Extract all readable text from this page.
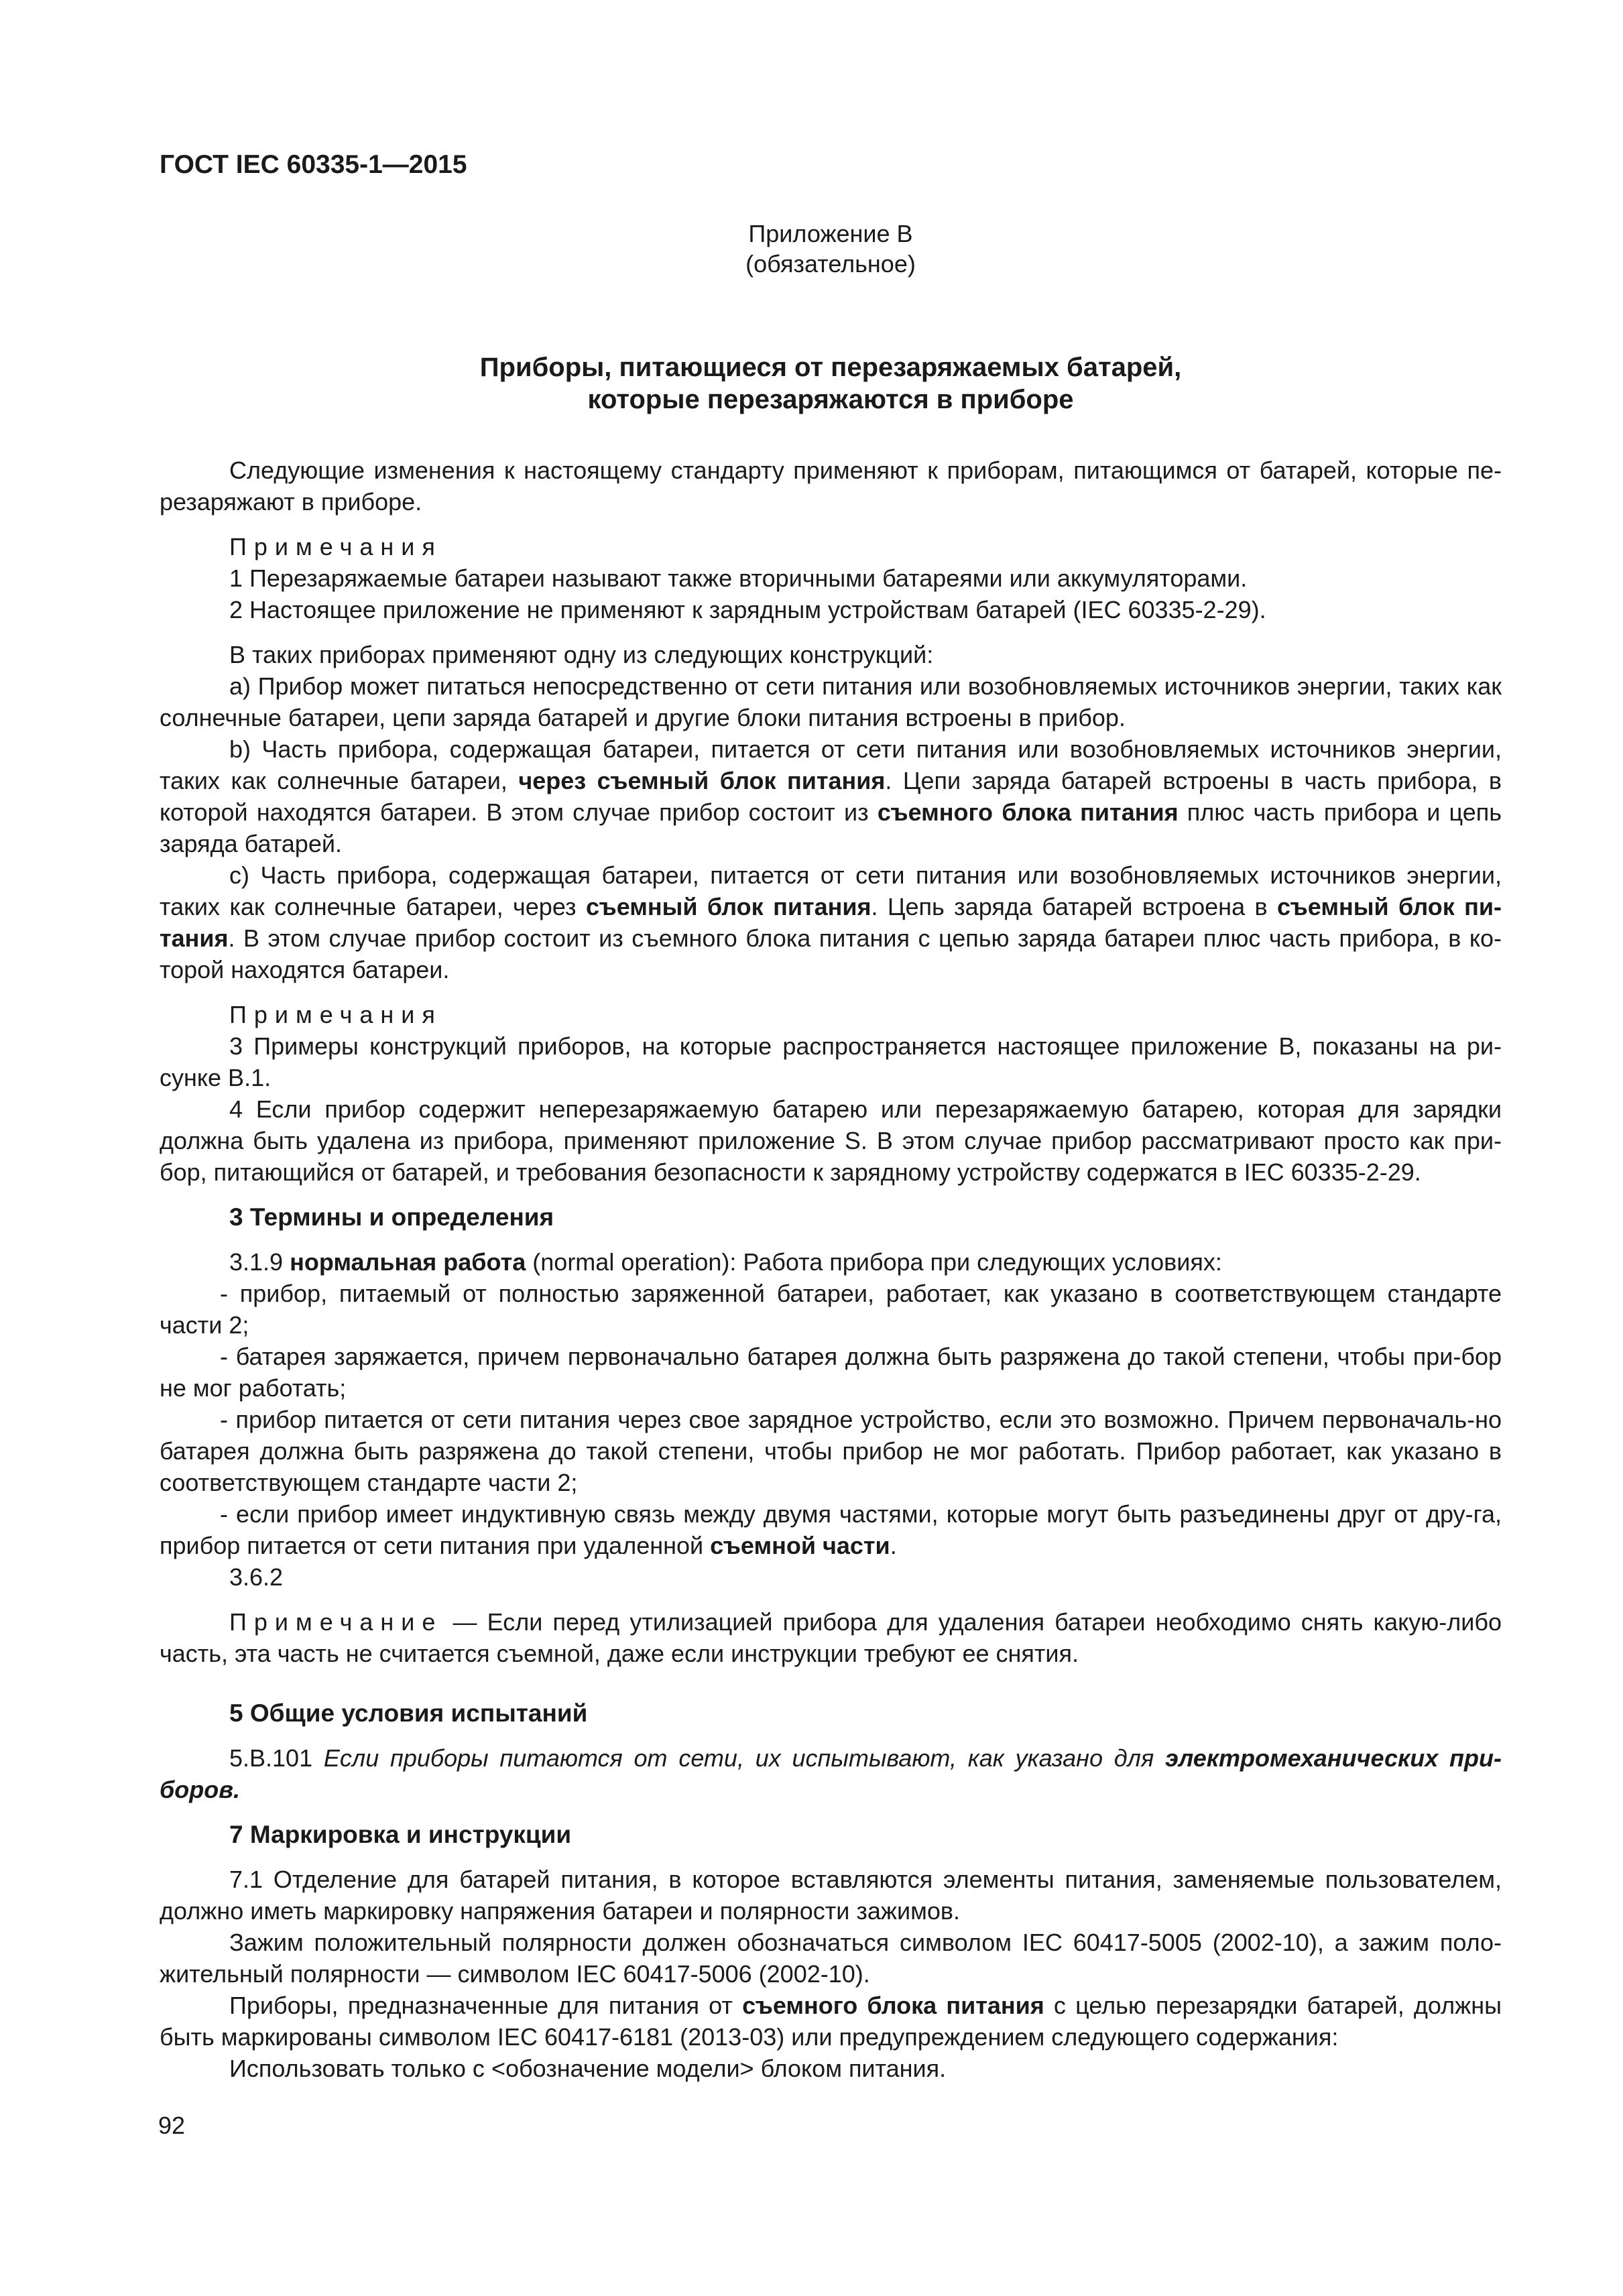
ГОСТ IEC 60335-1—2015
Приложение В
(обязательное)
Приборы, питающиеся от перезаряжаемых батарей,
которые перезаряжаются в приборе

Следующие изменения к настоящему стандарту применяют к приборам, питающимся от батарей, которые пе-резаряжают в приборе.

Примечания

1 Перезаряжаемые батареи называют также вторичными батареями или аккумуляторами.

2 Настоящее приложение не применяют к зарядным устройствам батарей (IEC 60335-2-29).

В таких приборах применяют одну из следующих конструкций:

a) Прибор может питаться непосредственно от сети питания или возобновляемых источников энергии, таких как солнечные батареи, цепи заряда батарей и другие блоки питания встроены в прибор.

b) Часть прибора, содержащая батареи, питается от сети питания или возобновляемых источников энергии, таких как солнечные батареи, через съемный блок питания. Цепи заряда батарей встроены в часть прибора, в которой находятся батареи. В этом случае прибор состоит из съемного блока питания плюс часть прибора и цепь заряда батарей.

c) Часть прибора, содержащая батареи, питается от сети питания или возобновляемых источников энергии, таких как солнечные батареи, через съемный блок питания. Цепь заряда батарей встроена в съемный блок пи-тания. В этом случае прибор состоит из съемного блока питания с цепью заряда батареи плюс часть прибора, в ко-торой находятся батареи.

Примечания

3 Примеры конструкций приборов, на которые распространяется настоящее приложение В, показаны на ри-сунке В.1.

4 Если прибор содержит неперезаряжаемую батарею или перезаряжаемую батарею, которая для зарядки должна быть удалена из прибора, применяют приложение S. В этом случае прибор рассматривают просто как при-бор, питающийся от батарей, и требования безопасности к зарядному устройству содержатся в IEC 60335-2-29.

3 Термины и определения

3.1.9 нормальная работа (normal operation): Работа прибора при следующих условиях:

- прибор, питаемый от полностью заряженной батареи, работает, как указано в соответствующем стандарте части 2;

- батарея заряжается, причем первоначально батарея должна быть разряжена до такой степени, чтобы при-бор не мог работать;

- прибор питается от сети питания через свое зарядное устройство, если это возможно. Причем первоначаль-но батарея должна быть разряжена до такой степени, чтобы прибор не мог работать. Прибор работает, как указано в соответствующем стандарте части 2;

- если прибор имеет индуктивную связь между двумя частями, которые могут быть разъединены друг от дру-га, прибор питается от сети питания при удаленной съемной части.

3.6.2

Примечание — Если перед утилизацией прибора для удаления батареи необходимо снять какую-либо часть, эта часть не считается съемной, даже если инструкции требуют ее снятия.

5 Общие условия испытаний

5.В.101 Если приборы питаются от сети, их испытывают, как указано для электромеханических при-боров.

7 Маркировка и инструкции

7.1 Отделение для батарей питания, в которое вставляются элементы питания, заменяемые пользователем, должно иметь маркировку напряжения батареи и полярности зажимов.

Зажим положительный полярности должен обозначаться символом IEC 60417-5005 (2002-10), а зажим поло-жительный полярности — символом IEC 60417-5006 (2002-10).

Приборы, предназначенные для питания от съемного блока питания с целью перезарядки батарей, должны быть маркированы символом IEC 60417-6181 (2013-03) или предупреждением следующего содержания:

Использовать только с <обозначение модели> блоком питания.

92
